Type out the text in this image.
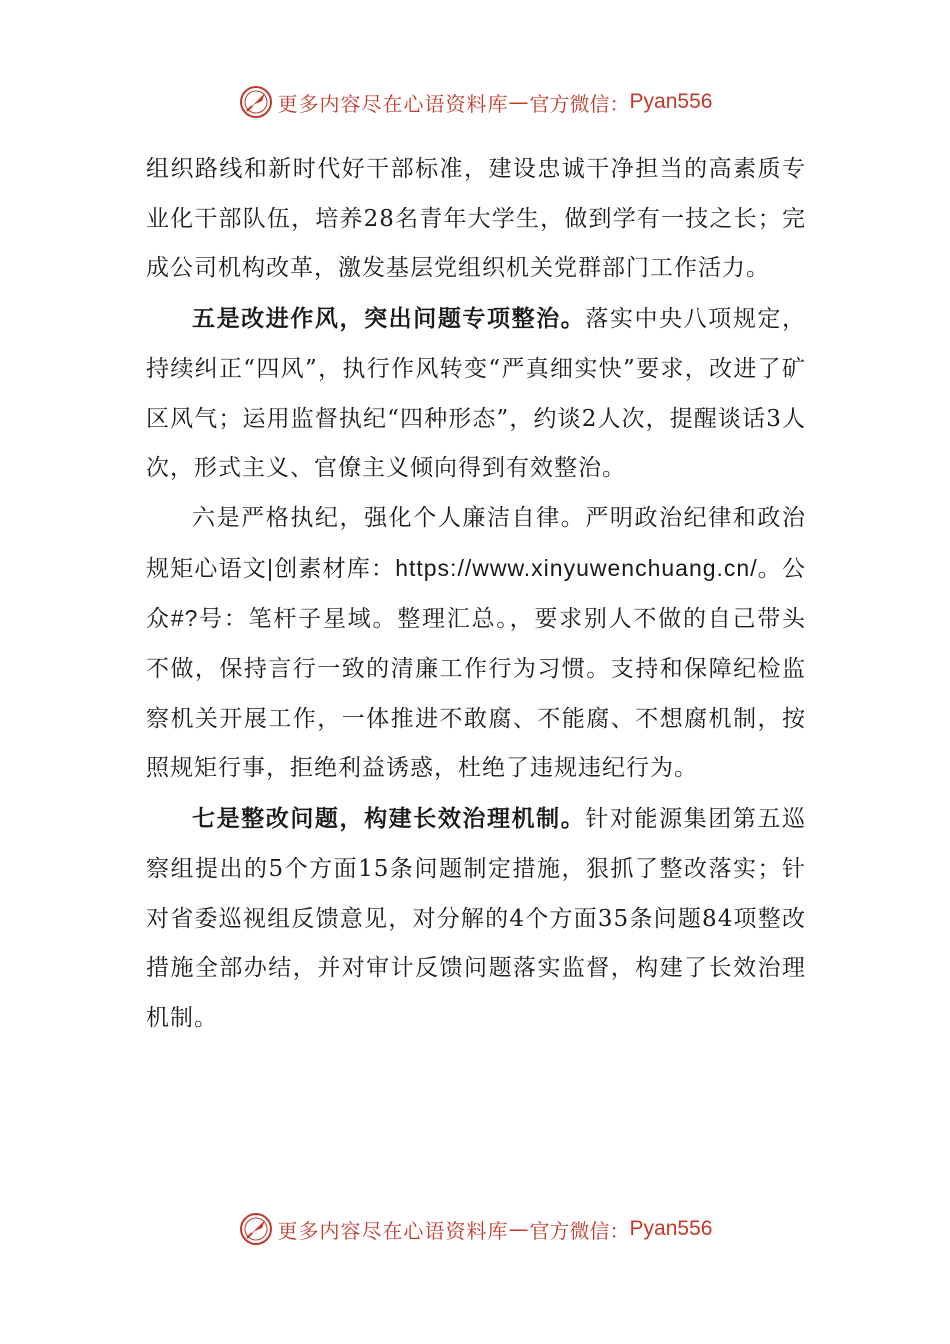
更多内容尽在心语资料库 — 官方微信： Pyan556

组织路线和新时代好干部标准，建设忠诚干净担当的高素质专业化干部队伍，培养28名青年大学生，做到学有一技之长；完成公司机构改革，激发基层党组织机关党群部门工作活力。

五是改进作风，突出问题专项整治。落实中央八项规定，持续纠正“四风”，执行作风转变“严真细实快”要求，改进了矿区风气；运用监督执纪“四种形态”，约谈2人次，提醒谈话3人次，形式主义、官僚主义倾向得到有效整治。

六是严格执纪，强化个人廉洁自律。严明政治纪律和政治规矩心语文|创素材库：https://www.xinyuwenchuang.cn/。公众#?号：笔杆子星域。整理汇总。，要求别人不做的自己带头不做，保持言行一致的清廉工作行为习惯。支持和保障纪检监察机关开展工作，一体推进不敢腐、不能腐、不想腐机制，按照规矩行事，拒绝利益诱惑，杜绝了违规违纪行为。

七是整改问题，构建长效治理机制。针对能源集团第五巡察组提出的5个方面15条问题制定措施，狠抓了整改落实；针对省委巡视组反馈意见，对分解的4个方面35条问题84项整改措施全部办结，并对审计反馈问题落实监督，构建了长效治理机制。

更多内容尽在心语资料库 — 官方微信： Pyan556
